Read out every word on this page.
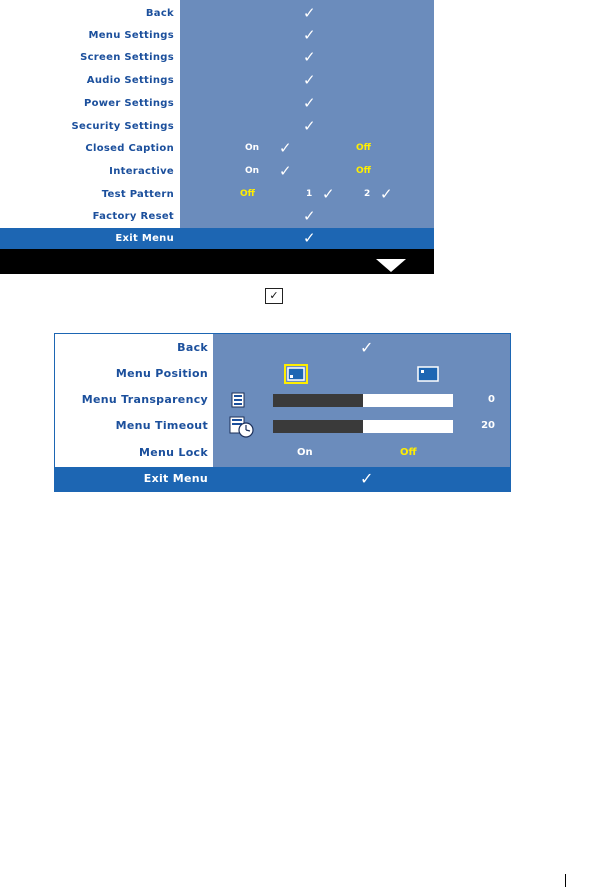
Back	✓
Menu Settings	✓
Screen Settings	✓
Audio Settings	✓
Power Settings	✓
Security Settings	✓
Closed Caption	On ✓	Off
Interactive	On ✓	Off
Test Pattern	Off	1 ✓	2 ✓
Factory Reset	✓
Exit Menu	✓
✓
Back	✓
Menu Position
Menu Transparency	0
Menu Timeout	20
Menu Lock	On	Off
Exit Menu	✓
